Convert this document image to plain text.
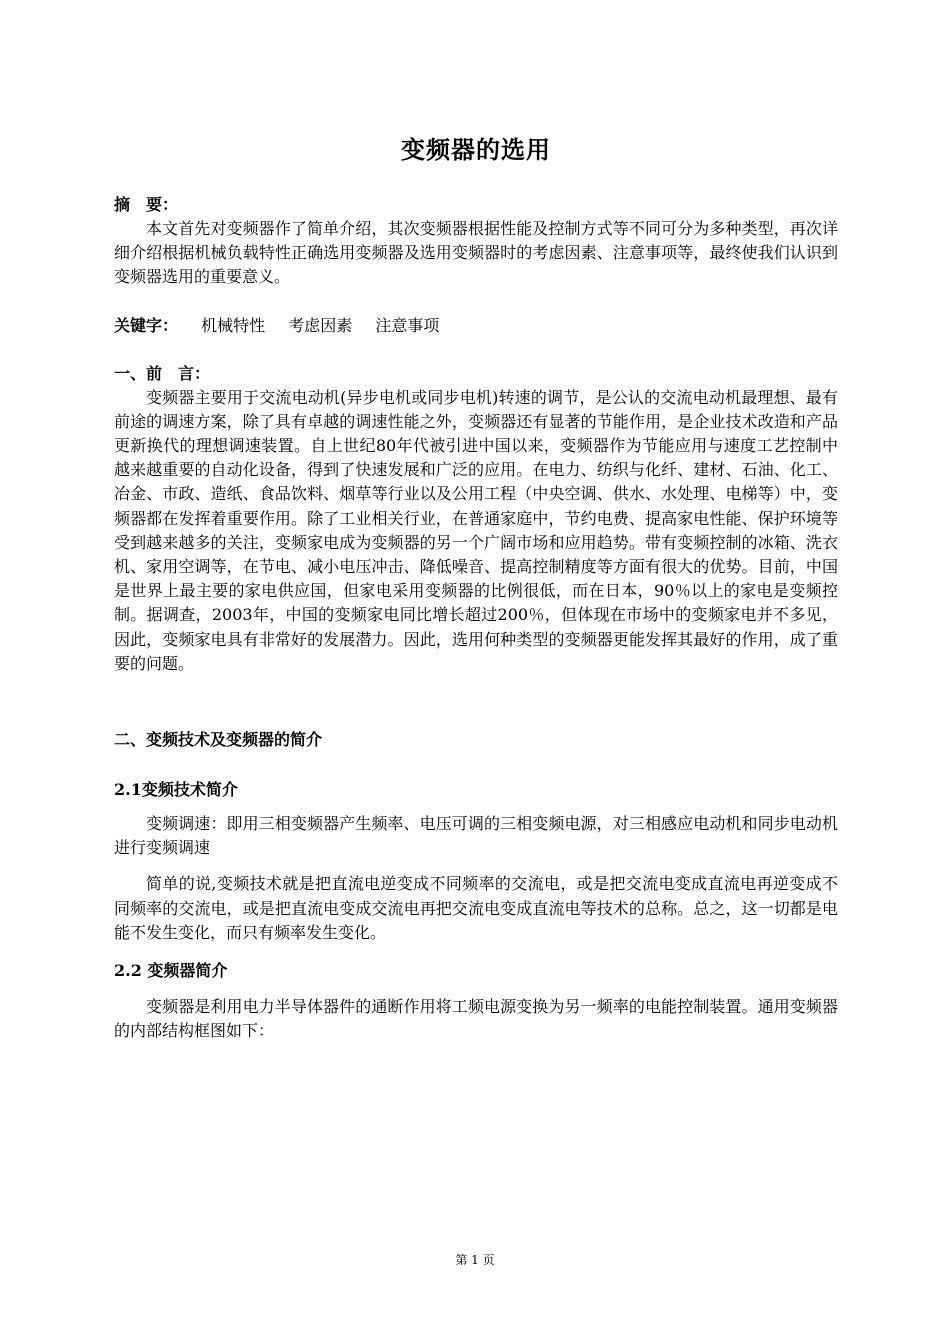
变频器的选用
摘　要：

本文首先对变频器作了简单介绍，其次变频器根据性能及控制方式等不同可分为多种类型，再次详细介绍根据机械负载特性正确选用变频器及选用变频器时的考虑因素、注意事项等，最终使我们认识到变频器选用的重要意义。

关键字： 机械特性 考虑因素 注意事项
一、前　言：

变频器主要用于交流电动机(异步电机或同步电机)转速的调节，是公认的交流电动机最理想、最有前途的调速方案，除了具有卓越的调速性能之外，变频器还有显著的节能作用，是企业技术改造和产品更新换代的理想调速装置。自上世纪80年代被引进中国以来，变频器作为节能应用与速度工艺控制中越来越重要的自动化设备，得到了快速发展和广泛的应用。在电力、纺织与化纤、建材、石油、化工、冶金、市政、造纸、食品饮料、烟草等行业以及公用工程（中央空调、供水、水处理、电梯等）中，变频器都在发挥着重要作用。除了工业相关行业，在普通家庭中，节约电费、提高家电性能、保护环境等受到越来越多的关注，变频家电成为变频器的另一个广阔市场和应用趋势。带有变频控制的冰箱、洗衣机、家用空调等，在节电、减小电压冲击、降低噪音、提高控制精度等方面有很大的优势。目前，中国是世界上最主要的家电供应国，但家电采用变频器的比例很低，而在日本，90％以上的家电是变频控制。据调查，2003年，中国的变频家电同比增长超过200％，但体现在市场中的变频家电并不多见，因此，变频家电具有非常好的发展潜力。因此，选用何种类型的变频器更能发挥其最好的作用，成了重要的问题。

二、变频技术及变频器的简介
2.1变频技术简介

变频调速：即用三相变频器产生频率、电压可调的三相变频电源，对三相感应电动机和同步电动机进行变频调速

简单的说,变频技术就是把直流电逆变成不同频率的交流电，或是把交流电变成直流电再逆变成不同频率的交流电，或是把直流电变成交流电再把交流电变成直流电等技术的总称。总之，这一切都是电能不发生变化，而只有频率发生变化。

2.2 变频器简介

变频器是利用电力半导体器件的通断作用将工频电源变换为另一频率的电能控制装置。通用变频器的内部结构框图如下：

第 1 页
